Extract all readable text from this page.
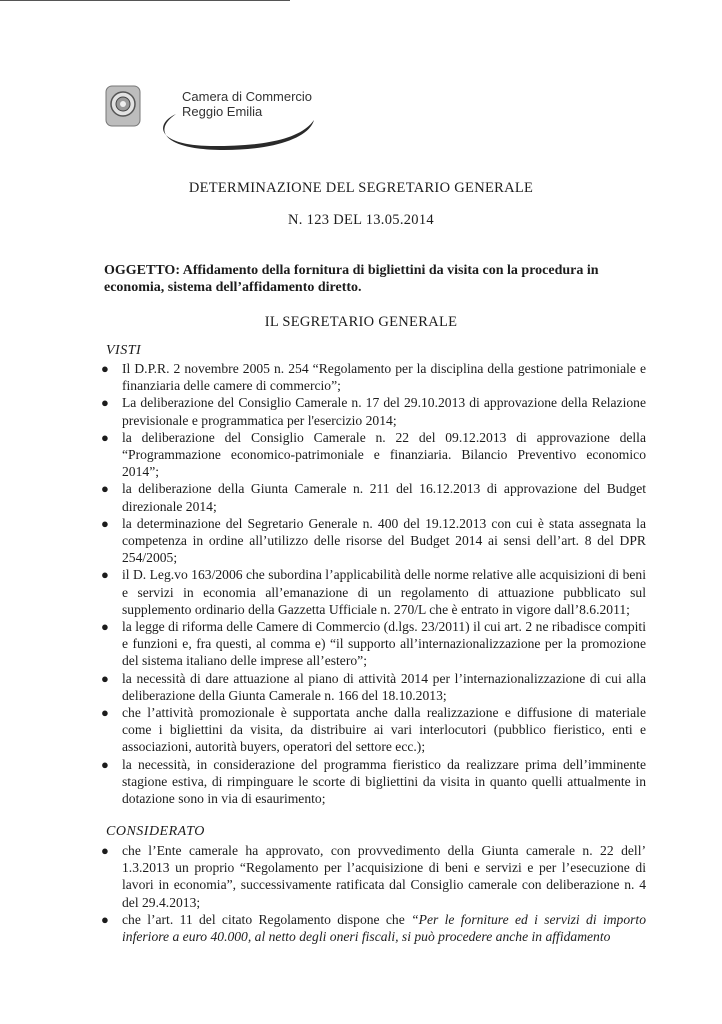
Camera di Commercio
Reggio Emilia
DETERMINAZIONE DEL SEGRETARIO GENERALE
N. 123 DEL 13.05.2014
OGGETTO: Affidamento della fornitura di bigliettini da visita con la procedura in economia, sistema dell’affidamento diretto.
IL SEGRETARIO GENERALE
VISTI
● Il D.P.R. 2 novembre 2005 n. 254 “Regolamento per la disciplina della gestione patrimoniale e finanziaria delle camere di commercio”;
● La deliberazione del Consiglio Camerale n. 17 del 29.10.2013 di approvazione della Relazione previsionale e programmatica per l'esercizio 2014;
● la deliberazione del Consiglio Camerale n. 22 del 09.12.2013 di approvazione della “Programmazione economico-patrimoniale e finanziaria. Bilancio Preventivo economico 2014”;
● la deliberazione della Giunta Camerale n. 211 del 16.12.2013 di approvazione del Budget direzionale 2014;
● la determinazione del Segretario Generale n. 400 del 19.12.2013 con cui è stata assegnata la competenza in ordine all’utilizzo delle risorse del Budget 2014 ai sensi dell’art. 8 del DPR 254/2005;
● il D. Leg.vo 163/2006 che subordina l’applicabilità delle norme relative alle acquisizioni di beni e servizi in economia all’emanazione di un regolamento di attuazione pubblicato sul supplemento ordinario della Gazzetta Ufficiale n. 270/L che è entrato in vigore dall’8.6.2011;
● la legge di riforma delle Camere di Commercio (d.lgs. 23/2011) il cui art. 2 ne ribadisce compiti e funzioni e, fra questi, al comma e) “il supporto all’internazionalizzazione per la promozione del sistema italiano delle imprese all’estero”;
● la necessità di dare attuazione al piano di attività 2014 per l’internazionalizzazione di cui alla deliberazione della Giunta Camerale n. 166 del 18.10.2013;
● che l’attività promozionale è supportata anche dalla realizzazione e diffusione di materiale come i bigliettini da visita, da distribuire ai vari interlocutori (pubblico fieristico, enti e associazioni, autorità buyers, operatori del settore ecc.);
● la necessità, in considerazione del programma fieristico da realizzare prima dell’imminente stagione estiva, di rimpinguare le scorte di bigliettini da visita in quanto quelli attualmente in dotazione sono in via di esaurimento;
CONSIDERATO
● che l’Ente camerale ha approvato, con provvedimento della Giunta camerale n. 22 dell’ 1.3.2013 un proprio “Regolamento per l’acquisizione di beni e servizi e per l’esecuzione di lavori in economia”, successivamente ratificata dal Consiglio camerale con deliberazione n. 4 del 29.4.2013;
● che l’art. 11 del citato Regolamento dispone che “Per le forniture ed i servizi di importo inferiore a euro 40.000, al netto degli oneri fiscali, si può procedere anche in affidamento
